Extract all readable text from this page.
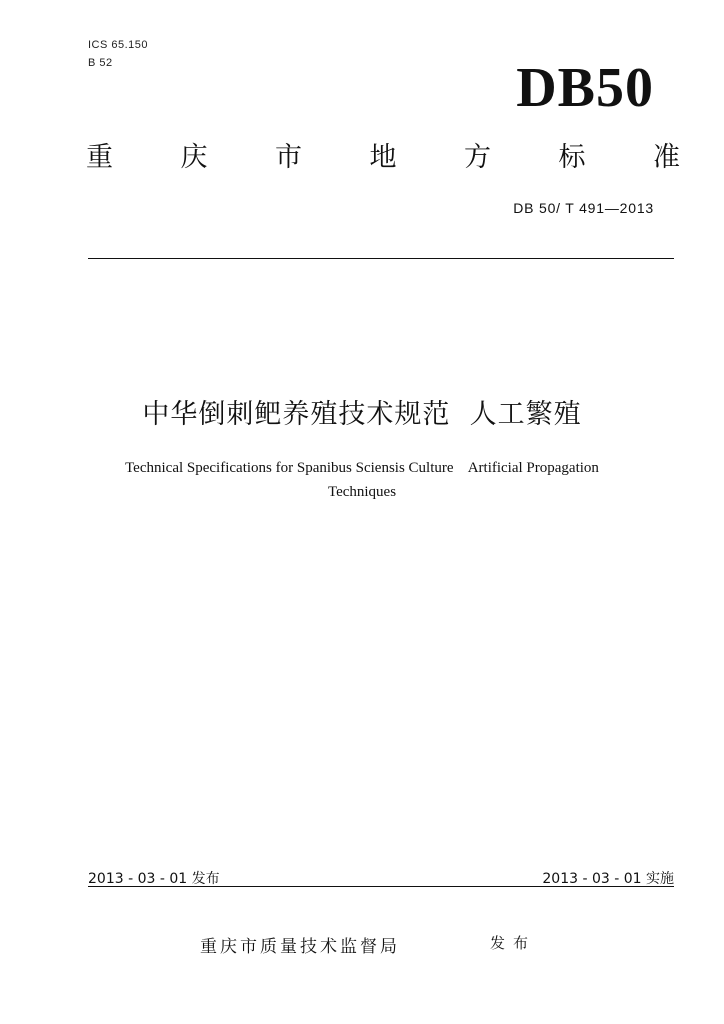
ICS 65.150
B 52	DB50
重	庆	市	地	方	标	准
DB 50/ T 491—2013
中华倒刺鲃养殖技术规范  人工繁殖
Technical Specifications for Spanibus Sciensis Culture    Artificial Propagation
Techniques
2013 - 03 - 01 发布	2013 - 03 - 01 实施
重庆市质量技术监督局	发布
